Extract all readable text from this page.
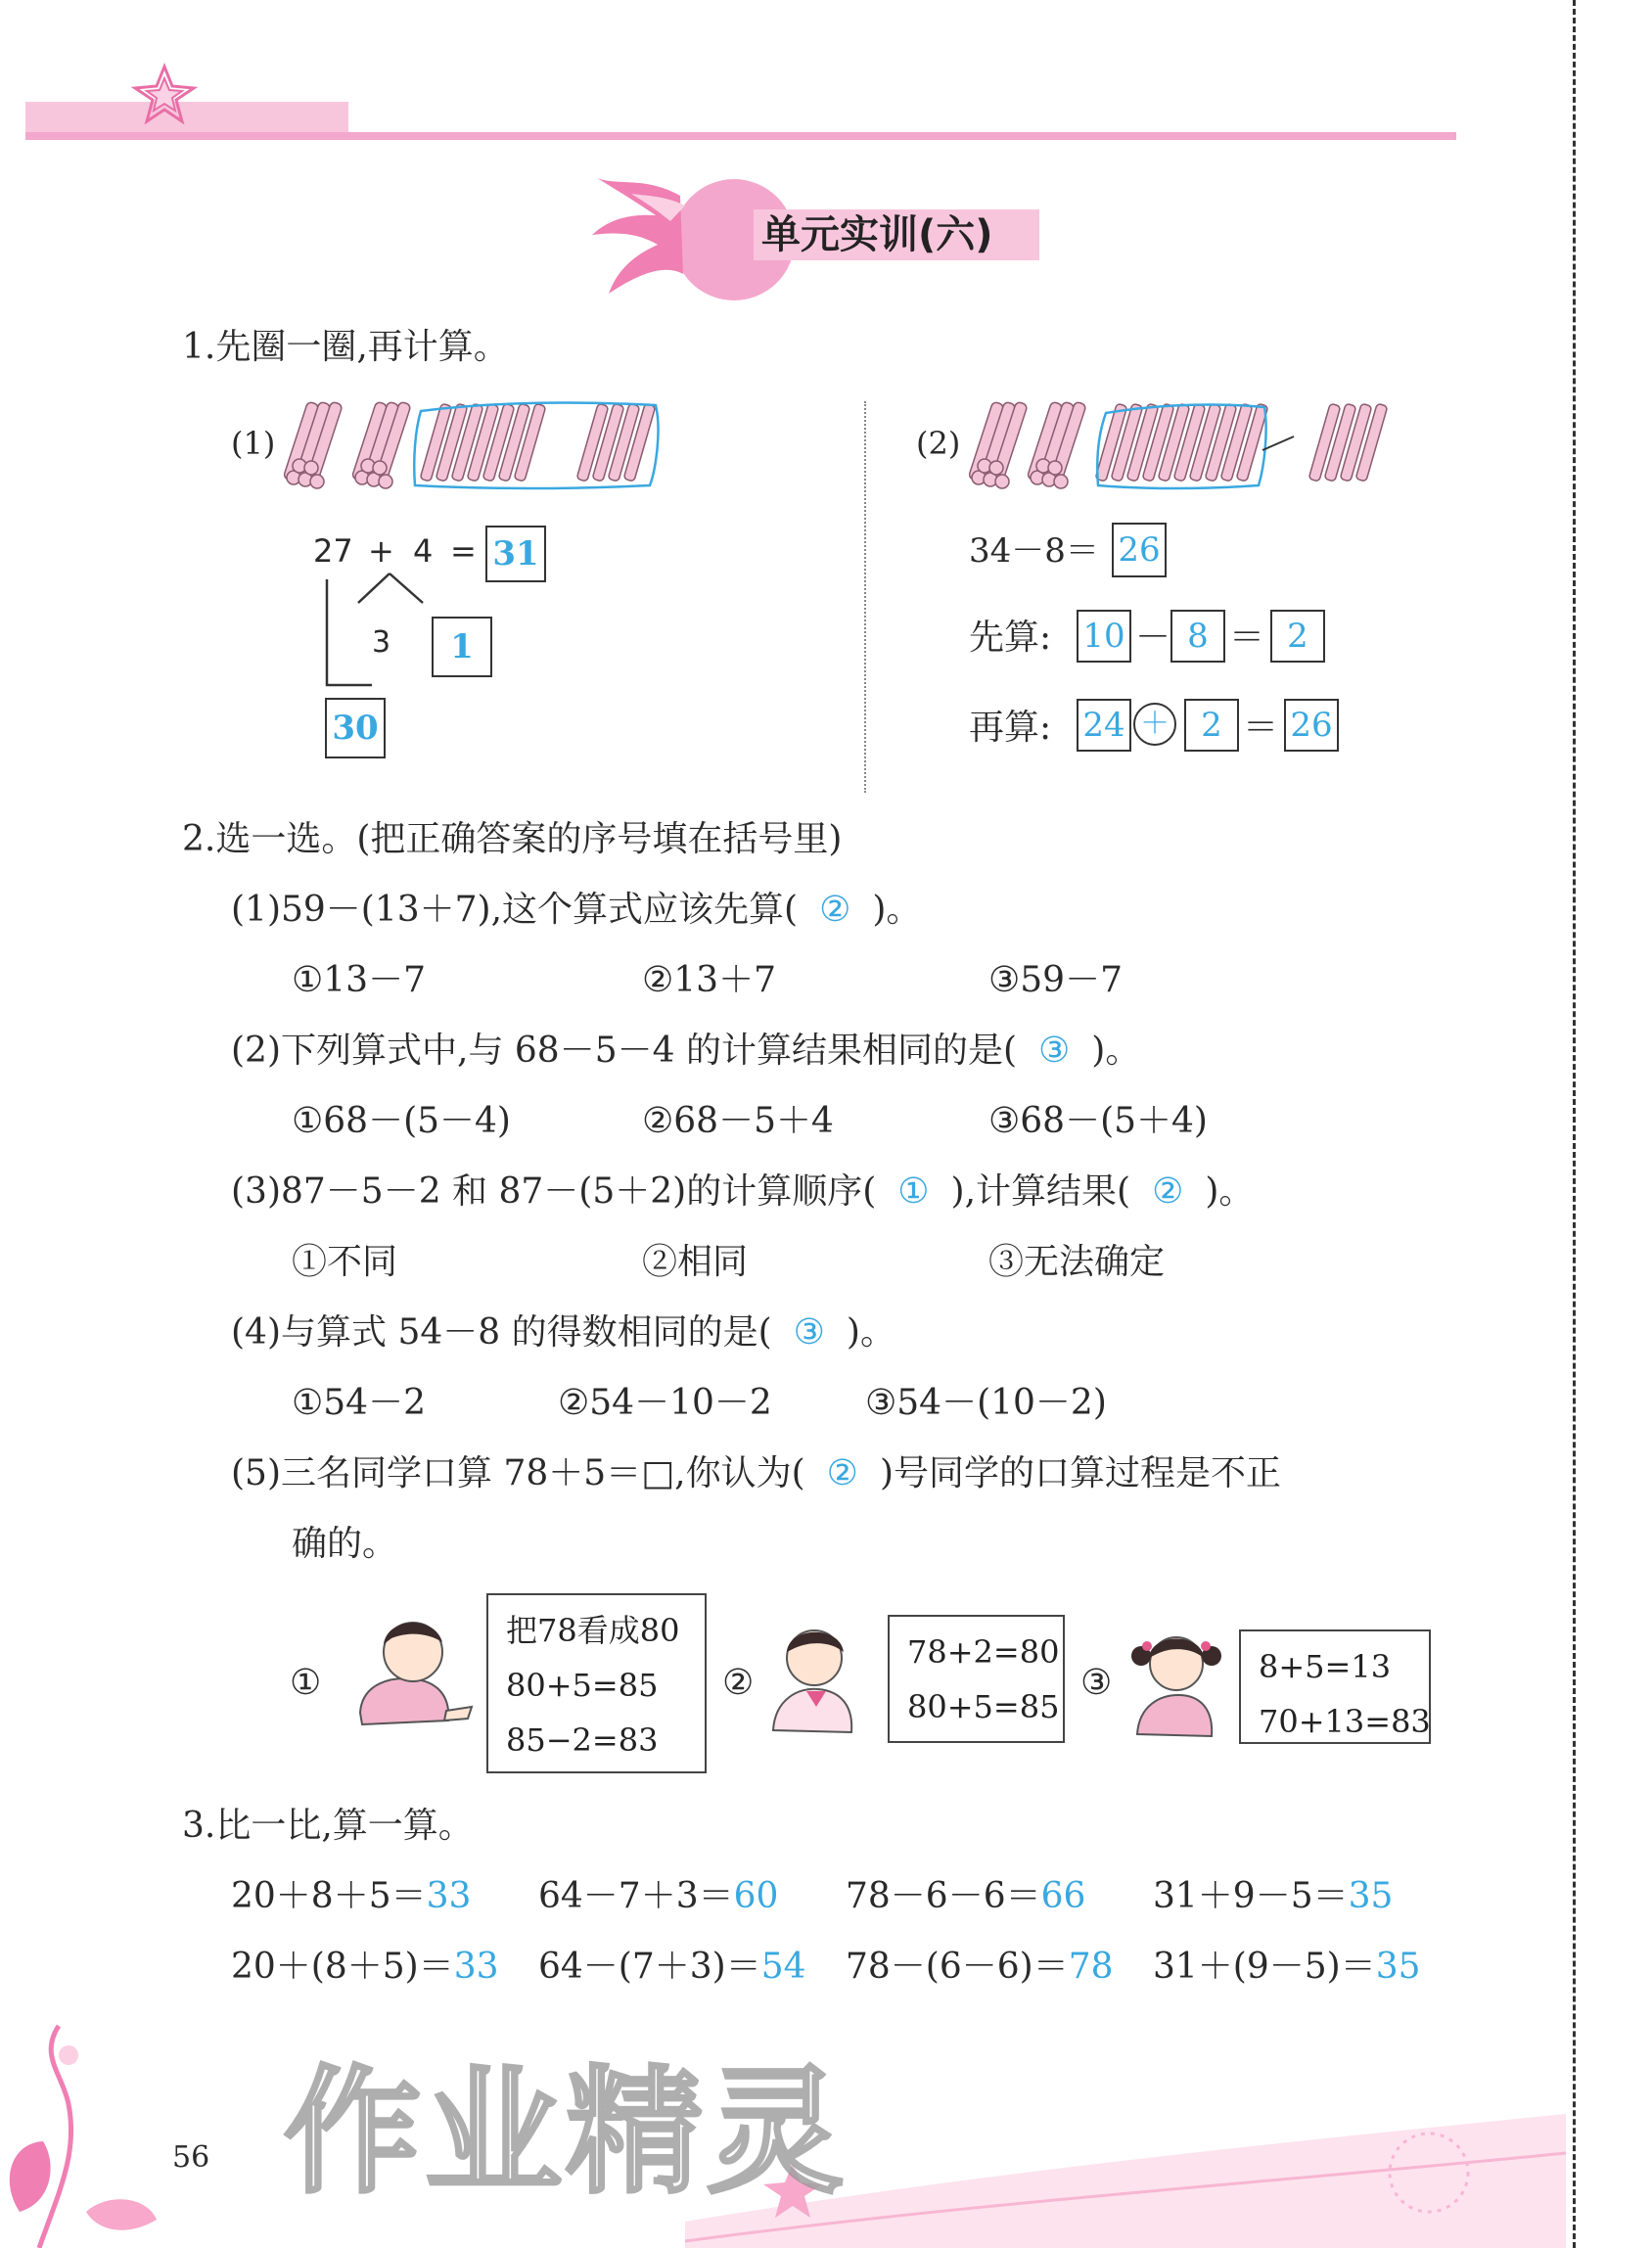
单元实训(六)
1.先圈一圈,再计算。
(1)
27 + 4 = 31
3	1
30
(2)
34－8＝ 26
先算: 10 － 8 ＝ 2
再算: 24 ＋ 2 ＝ 26
2.选一选。(把正确答案的序号填在括号里)
(1)59－(13＋7),这个算式应该先算( ② )。
①13－7	②13＋7	③59－7
(2)下列算式中,与 68－5－4 的计算结果相同的是( ③ )。
①68－(5－4)	②68－5＋4	③68－(5＋4)
(3)87－5－2 和 87－(5＋2)的计算顺序( ① ),计算结果( ② )。
①不同	②相同	③无法确定
(4)与算式 54－8 的得数相同的是( ③ )。
①54－2	②54－10－2	③54－(10－2)
(5)三名同学口算 78＋5＝□,你认为( ② )号同学的口算过程是不正
确的。
①
把78看成80
80+5=85
85−2=83
②
78+2=80
80+5=85
③	8+5=13
70+13=83
3.比一比,算一算。
20＋8＋5＝33 64－7＋3＝60 78－6－6＝66 31＋9－5＝35
20＋(8＋5)＝33 64－(7＋3)＝54 78－(6－6)＝78 31＋(9－5)＝35
56 作业精灵
